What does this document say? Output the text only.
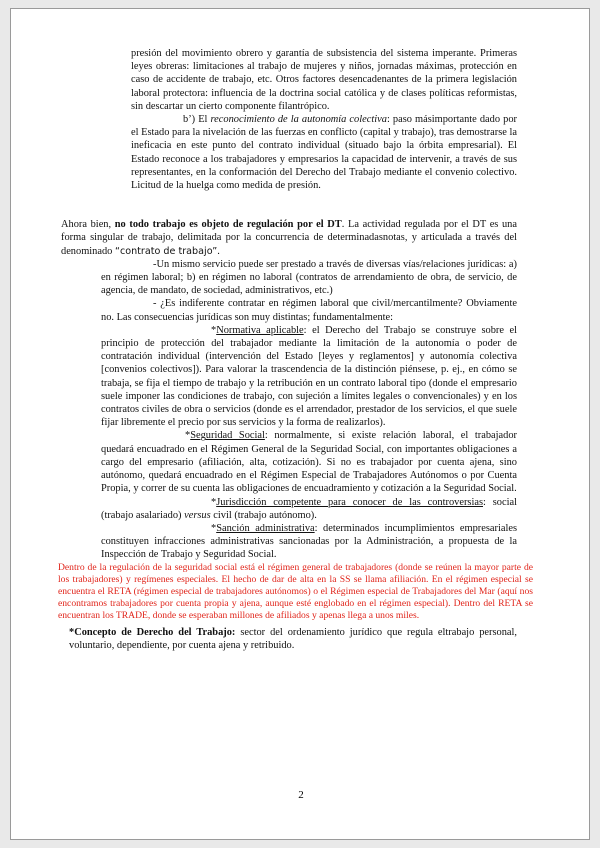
presión del movimiento obrero y garantía de subsistencia del sistema imperante. Primeras leyes obreras: limitaciones al trabajo de mujeres y niños, jornadas máximas, protección en caso de accidente de trabajo, etc. Otros factores desencadenantes de la primera legislación laboral protectora: influencia de la doctrina social católica y de clases políticas reformistas, sin descartar un cierto componente filantrópico.

b’) El reconocimiento de la autonomía colectiva: paso másimportante dado por el Estado para la nivelación de las fuerzas en conflicto (capital y trabajo), tras demostrarse la ineficacia en este punto del contrato individual (situado bajo la órbita empresarial). El Estado reconoce a los trabajadores y empresarios la capacidad de intervenir, a través de sus representantes, en la conformación del Derecho del Trabajo mediante el convenio colectivo. Licitud de la huelga como medida de presión.

Ahora bien, no todo trabajo es objeto de regulación por el DT. La actividad regulada por el DT es una forma singular de trabajo, delimitada por la concurrencia de determinadasnotas, y articulada a través del denominado “contrato de trabajo”.

-Un mismo servicio puede ser prestado a través de diversas vías/relaciones jurídicas: a) en régimen laboral; b) en régimen no laboral (contratos de arrendamiento de obra, de servicio, de agencia, de mandato, de sociedad, administrativos, etc.)

- ¿Es indiferente contratar en régimen laboral que civil/mercantilmente? Obviamente no. Las consecuencias jurídicas son muy distintas; fundamentalmente:

*Normativa aplicable: el Derecho del Trabajo se construye sobre el principio de protección del trabajador mediante la limitación de la autonomía o poder de contratación individual (intervención del Estado [leyes y reglamentos] y autonomía colectiva [convenios colectivos]). Para valorar la trascendencia de la distinción piénsese, p. ej., en cómo se trabaja, se fija el tiempo de trabajo y la retribución en un contrato laboral tipo (donde el empresario suele imponer las condiciones de trabajo, con sujeción a límites legales o convencionales) y en los contratos civiles de obra o servicios (donde es el arrendador, prestador de los servicios, el que suele fijar libremente el precio por sus servicios y la forma de realizarlos).

*Seguridad Social: normalmente, si existe relación laboral, el trabajador quedará encuadrado en el Régimen General de la Seguridad Social, con importantes obligaciones a cargo del empresario (afiliación, alta, cotización). Si no es trabajador por cuenta ajena, sino autónomo, quedará encuadrado en el Régimen Especial de Trabajadores Autónomos o por Cuenta Propia, y correr de su cuenta las obligaciones de encuadramiento y cotización a la Seguridad Social.

*Jurisdicción competente para conocer de las controversias: social (trabajo asalariado) versus civil (trabajo autónomo).

*Sanción administrativa: determinados incumplimientos empresariales constituyen infracciones administrativas sancionadas por la Administración, a propuesta de la Inspección de Trabajo y Seguridad Social.

Dentro de la regulación de la seguridad social está el régimen general de trabajadores (donde se reúnen la mayor parte de los trabajadores) y regímenes especiales. El hecho de dar de alta en la SS se llama afiliación. En el régimen especial se encuentra el RETA (régimen especial de trabajadores autónomos) o el Régimen especial de Trabajadores del Mar (aquí nos encontramos trabajadores por cuenta propia y ajena, aunque esté englobado en el régimen especial). Dentro del RETA se encuentran los TRADE, donde se esperaban millones de afiliados y apenas llega a unos miles.

*Concepto de Derecho del Trabajo: sector del ordenamiento jurídico que regula eltrabajo personal, voluntario, dependiente, por cuenta ajena y retribuido.

2
